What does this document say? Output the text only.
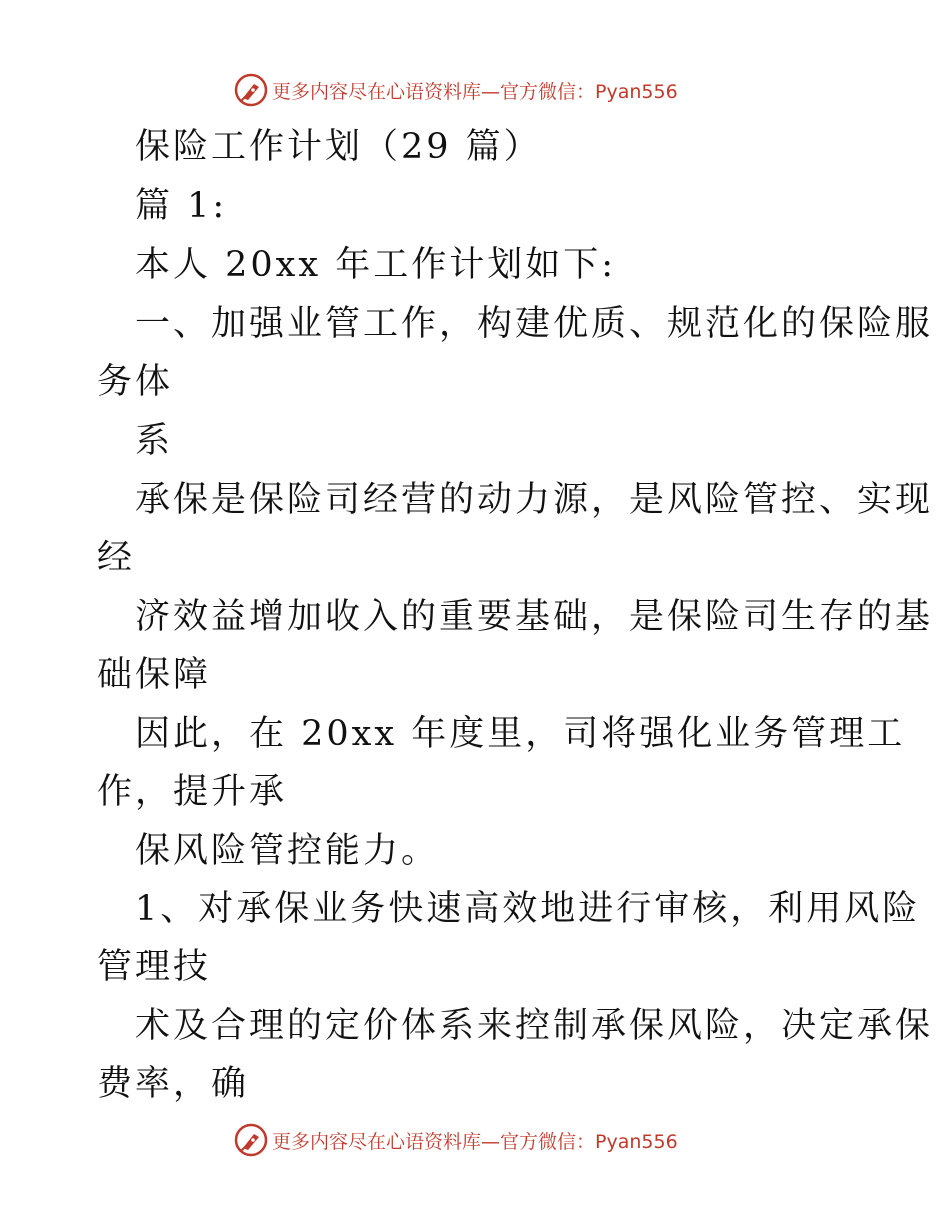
更多内容尽在心语资料库—官方微信：Pyan556
保险工作计划（29 篇）
篇 1:
本人 20xx 年工作计划如下:
一、加强业管工作，构建优质、规范化的保险服
务体
系
承保是保险司经营的动力源，是风险管控、实现
经
济效益增加收入的重要基础，是保险司生存的基
础保障
因此，在 20xx 年度里，司将强化业务管理工
作，提升承
保风险管控能力。
1、对承保业务快速高效地进行审核，利用风险
管理技
术及合理的定价体系来控制承保风险，决定承保
费率，确
更多内容尽在心语资料库—官方微信：Pyan556
